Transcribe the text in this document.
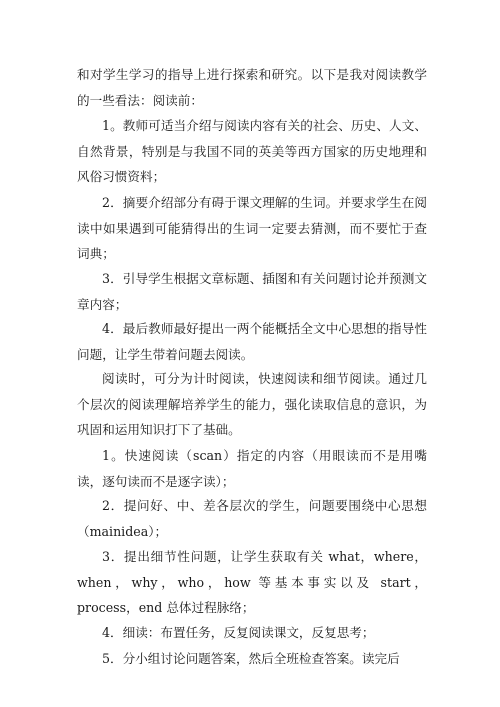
和对学生学习的指导上进行探索和研究。以下是我对阅读教学的一些看法：阅读前：

1。教师可适当介绍与阅读内容有关的社会、历史、人文、自然背景，特别是与我国不同的英美等西方国家的历史地理和风俗习惯资料；

2．摘要介绍部分有碍于课文理解的生词。并要求学生在阅读中如果遇到可能猜得出的生词一定要去猜测，而不要忙于查词典；

3．引导学生根据文章标题、插图和有关问题讨论并预测文章内容；

4．最后教师最好提出一两个能概括全文中心思想的指导性问题，让学生带着问题去阅读。

阅读时，可分为计时阅读，快速阅读和细节阅读。通过几个层次的阅读理解培养学生的能力，强化读取信息的意识，为巩固和运用知识打下了基础。

1。快速阅读（scan）指定的内容（用眼读而不是用嘴读，逐句读而不是逐字读）；

2．提问好、中、差各层次的学生，问题要围绕中心思想（mainidea）；

3．提出细节性问题，让学生获取有关 what，where，when，why，who，how 等基本事实以及 start，process，end 总体过程脉络；

4．细读：布置任务，反复阅读课文，反复思考；

5．分小组讨论问题答案，然后全班检查答案。读完后
